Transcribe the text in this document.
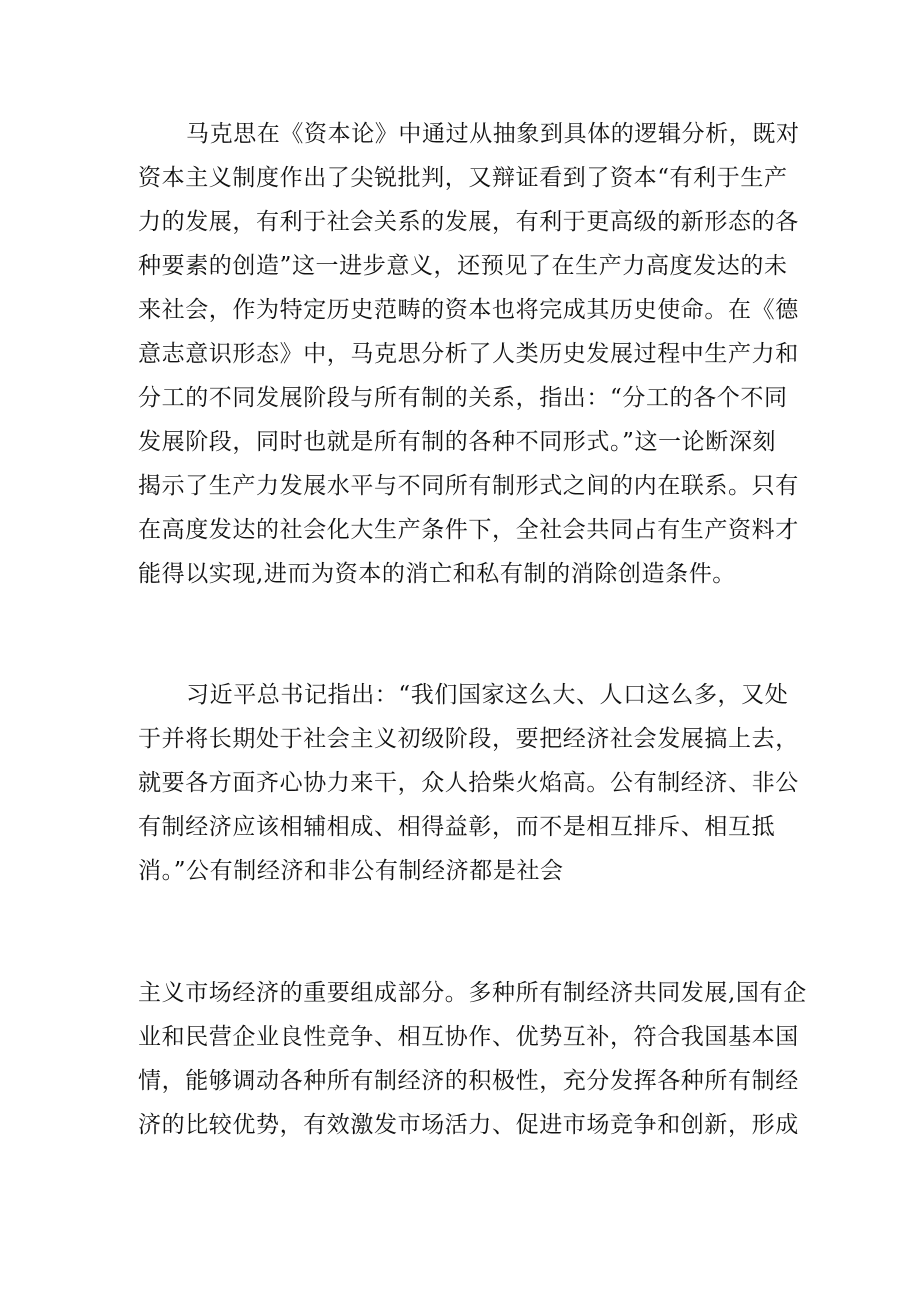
马克思在《资本论》中通过从抽象到具体的逻辑分析，既对

资本主义制度作出了尖锐批判，又辩证看到了资本“有利于生产

力的发展，有利于社会关系的发展，有利于更高级的新形态的各

种要素的创造”这一进步意义，还预见了在生产力高度发达的未

来社会，作为特定历史范畴的资本也将完成其历史使命。在《德

意志意识形态》中，马克思分析了人类历史发展过程中生产力和

分工的不同发展阶段与所有制的关系，指出：“分工的各个不同

发展阶段，同时也就是所有制的各种不同形式。”这一论断深刻

揭示了生产力发展水平与不同所有制形式之间的内在联系。只有

在高度发达的社会化大生产条件下，全社会共同占有生产资料才

能得以实现,进而为资本的消亡和私有制的消除创造条件。

习近平总书记指出：“我们国家这么大、人口这么多，又处

于并将长期处于社会主义初级阶段，要把经济社会发展搞上去，

就要各方面齐心协力来干，众人拾柴火焰高。公有制经济、非公

有制经济应该相辅相成、相得益彰，而不是相互排斥、相互抵

消。”公有制经济和非公有制经济都是社会

主义市场经济的重要组成部分。多种所有制经济共同发展,国有企

业和民营企业良性竞争、相互协作、优势互补，符合我国基本国

情，能够调动各种所有制经济的积极性，充分发挥各种所有制经

济的比较优势，有效激发市场活力、促进市场竞争和创新，形成
